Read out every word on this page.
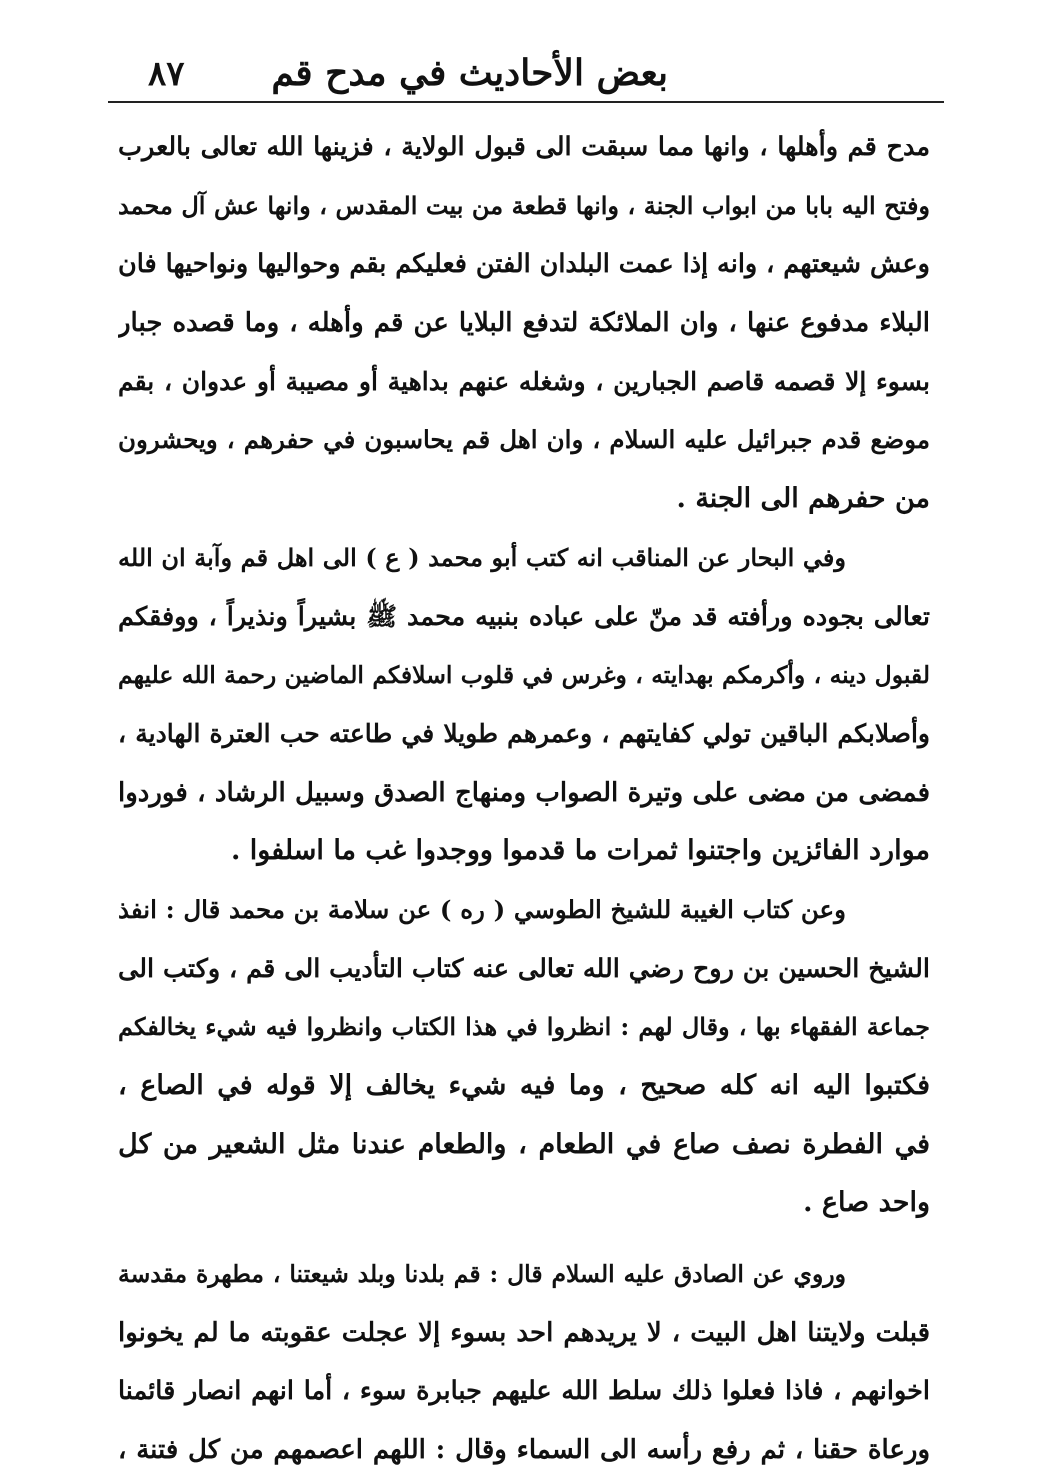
٨٧ بعض الأحاديث في مدح قم
مدح قم وأهلها ، وانها مما سبقت الى قبول الولاية ، فزينها الله تعالى بالعرب
وفتح اليه بابا من ابواب الجنة ، وانها قطعة من بيت المقدس ، وانها عش آل محمد
وعش شيعتهم ، وانه إذا عمت البلدان الفتن فعليكم بقم وحواليها ونواحيها فان
البلاء مدفوع عنها ، وان الملائكة لتدفع البلايا عن قم وأهله ، وما قصده جبار
بسوء إلا قصمه قاصم الجبارين ، وشغله عنهم بداهية أو مصيبة أو عدوان ، بقم
موضع قدم جبرائيل عليه السلام ، وان اهل قم يحاسبون في حفرهم ، ويحشرون
من حفرهم الى الجنة .
وفي البحار عن المناقب انه كتب أبو محمد ( ع ) الى اهل قم وآبة ان الله
تعالى بجوده ورأفته قد منّ على عباده بنبيه محمد ﷺ بشيراً ونذيراً ، ووفقكم
لقبول دينه ، وأكرمكم بهدايته ، وغرس في قلوب اسلافكم الماضين رحمة الله عليهم
وأصلابكم الباقين تولي كفايتهم ، وعمرهم طويلا في طاعته حب العترة الهادية ،
فمضى من مضى على وتيرة الصواب ومنهاج الصدق وسبيل الرشاد ، فوردوا
موارد الفائزين واجتنوا ثمرات ما قدموا ووجدوا غب ما اسلفوا .
وعن كتاب الغيبة للشيخ الطوسي ( ره ) عن سلامة بن محمد قال : انفذ
الشيخ الحسين بن روح رضي الله تعالى عنه كتاب التأديب الى قم ، وكتب الى
جماعة الفقهاء بها ، وقال لهم : انظروا في هذا الكتاب وانظروا فيه شيء يخالفكم
فكتبوا اليه انه كله صحيح ، وما فيه شيء يخالف إلا قوله في الصاع ،
في الفطرة نصف صاع في الطعام ، والطعام عندنا مثل الشعير من كل
واحد صاع .
وروي عن الصادق عليه السلام قال : قم بلدنا وبلد شيعتنا ، مطهرة مقدسة
قبلت ولايتنا اهل البيت ، لا يريدهم احد بسوء إلا عجلت عقوبته ما لم يخونوا
اخوانهم ، فاذا فعلوا ذلك سلط الله عليهم جبابرة سوء ، أما انهم انصار قائمنا
ورعاة حقنا ، ثم رفع رأسه الى السماء وقال : اللهم اعصمهم من كل فتنة ،
